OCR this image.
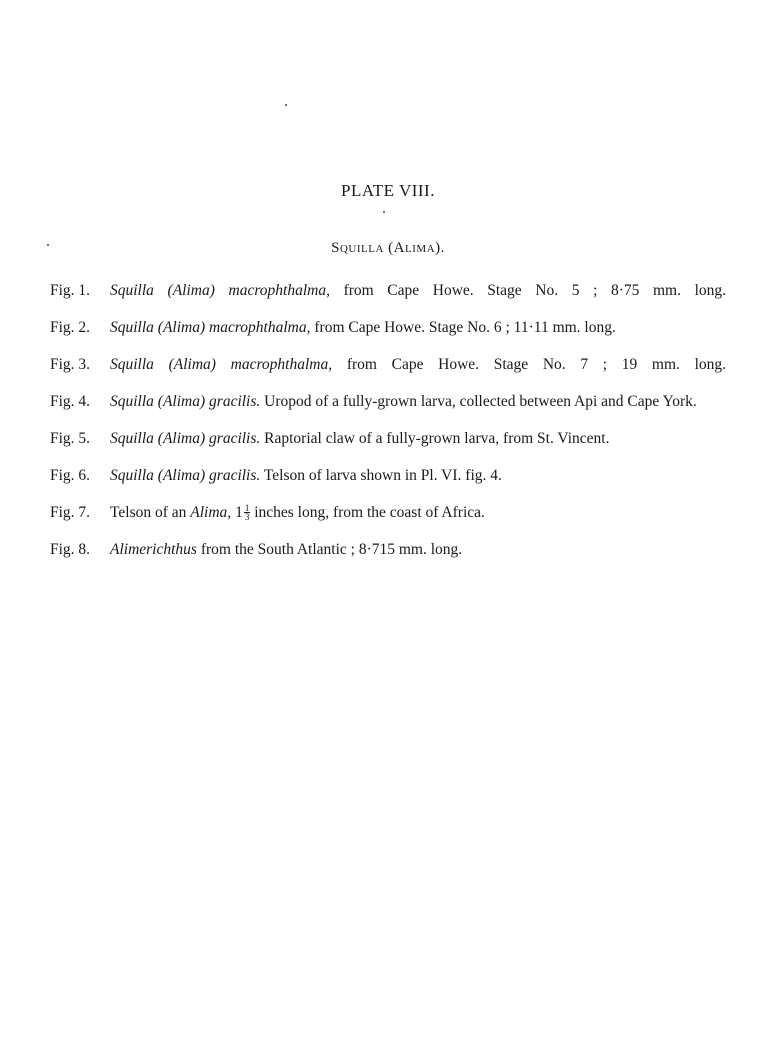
PLATE VIII.
Squilla (Alima).
Fig. 1. Squilla (Alima) macrophthalma, from Cape Howe. Stage No. 5 ; 8·75 mm. long.
Fig. 2. Squilla (Alima) macrophthalma, from Cape Howe. Stage No. 6 ; 11·11 mm. long.
Fig. 3. Squilla (Alima) macrophthalma, from Cape Howe. Stage No. 7 ; 19 mm. long.
Fig. 4. Squilla (Alima) gracilis. Uropod of a fully-grown larva, collected between Api and Cape York.
Fig. 5. Squilla (Alima) gracilis. Raptorial claw of a fully-grown larva, from St. Vincent.
Fig. 6. Squilla (Alima) gracilis. Telson of larva shown in Pl. VI. fig. 4.
Fig. 7. Telson of an Alima, $1 \frac{1}{3}$ inches long, from the coast of Africa.
Fig. 8. Alimerichthus from the South Atlantic ; 8·715 mm. long.
